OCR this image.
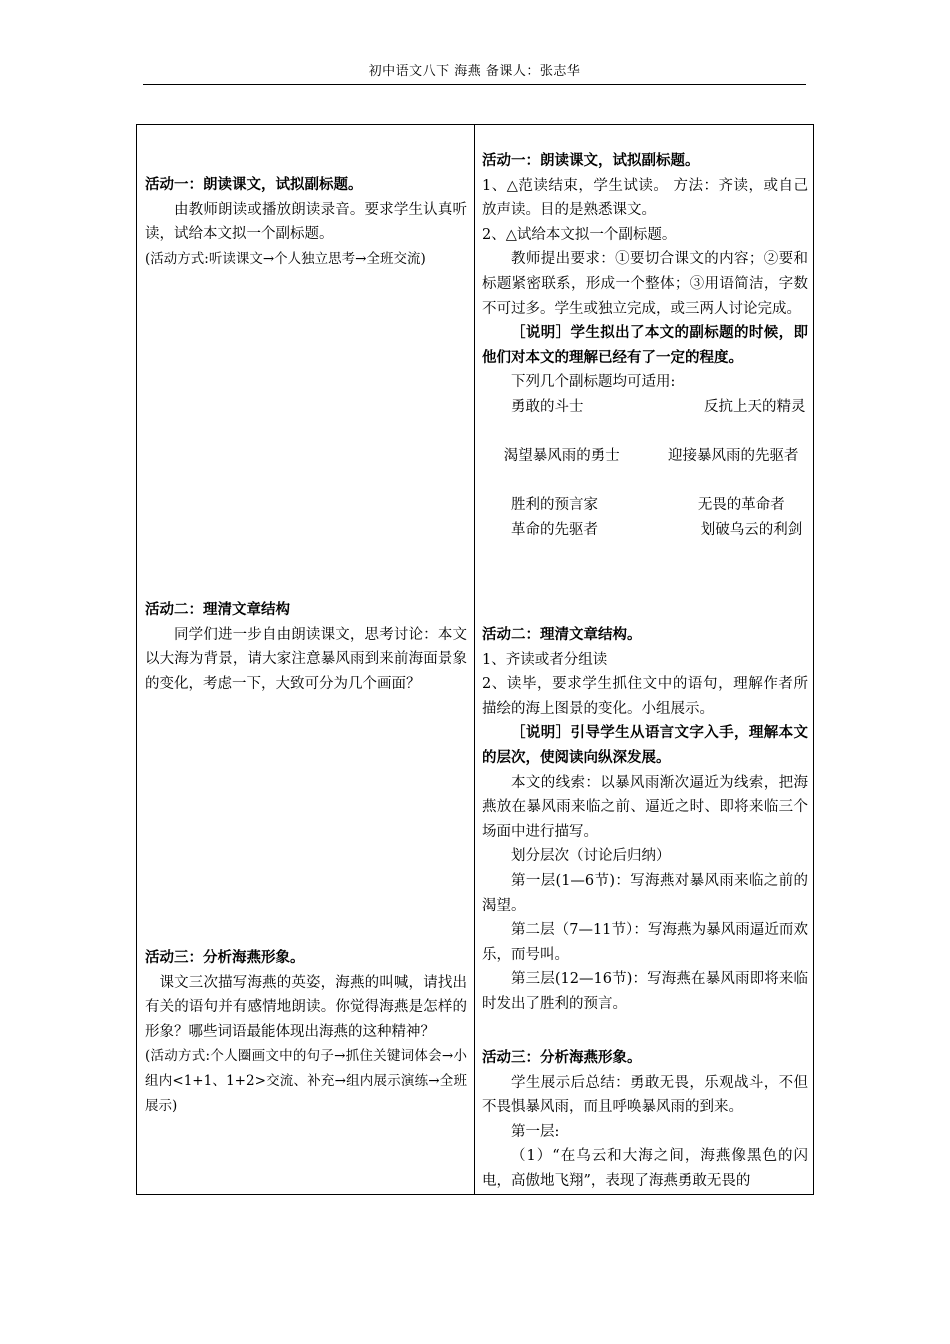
初中语文八下 海燕 备课人：张志华

活动一：朗读课文，试拟副标题。

由教师朗读或播放朗读录音。要求学生认真听读，试给本文拟一个副标题。

(活动方式:听读课文→个人独立思考→全班交流)

活动二：理清文章结构

同学们进一步自由朗读课文，思考讨论：本文以大海为背景，请大家注意暴风雨到来前海面景象的变化，考虑一下，大致可分为几个画面？

活动三：分析海燕形象。

课文三次描写海燕的英姿，海燕的叫喊，请找出有关的语句并有感情地朗读。你觉得海燕是怎样的形象？哪些词语最能体现出海燕的这种精神？

(活动方式:个人圈画文中的句子→抓住关键词体会→小组内<1+1、1+2>交流、补充→组内展示演练→全班展示)

活动一：朗读课文，试拟副标题。

1、△范读结束，学生试读。 方法：齐读，或自己放声读。目的是熟悉课文。

2、△试给本文拟一个副标题。

教师提出要求：①要切合课文的内容；②要和标题紧密联系，形成一个整体；③用语简洁，字数不可过多。学生或独立完成，或三两人讨论完成。

［说明］学生拟出了本文的副标题的时候，即他们对本文的理解已经有了一定的程度。

下列几个副标题均可适用:

勇敢的斗士	反抗上天的精灵
渴望暴风雨的勇士	迎接暴风雨的先驱者
胜利的预言家	无畏的革命者
革命的先驱者	划破乌云的利剑

活动二：理清文章结构。

1、齐读或者分组读

2、读毕，要求学生抓住文中的语句，理解作者所描绘的海上图景的变化。小组展示。

［说明］引导学生从语言文字入手，理解本文的层次，使阅读向纵深发展。

本文的线索：以暴风雨渐次逼近为线索，把海燕放在暴风雨来临之前、逼近之时、即将来临三个场面中进行描写。

划分层次（讨论后归纳）

第一层(1—6节)：写海燕对暴风雨来临之前的渴望。

第二层（7—11节）：写海燕为暴风雨逼近而欢乐，而号叫。

第三层(12—16节)：写海燕在暴风雨即将来临时发出了胜利的预言。

活动三：分析海燕形象。

学生展示后总结：勇敢无畏，乐观战斗，不但不畏惧暴风雨，而且呼唤暴风雨的到来。

第一层:

（1）“在乌云和大海之间，海燕像黑色的闪电，高傲地飞翔”，表现了海燕勇敢无畏的
